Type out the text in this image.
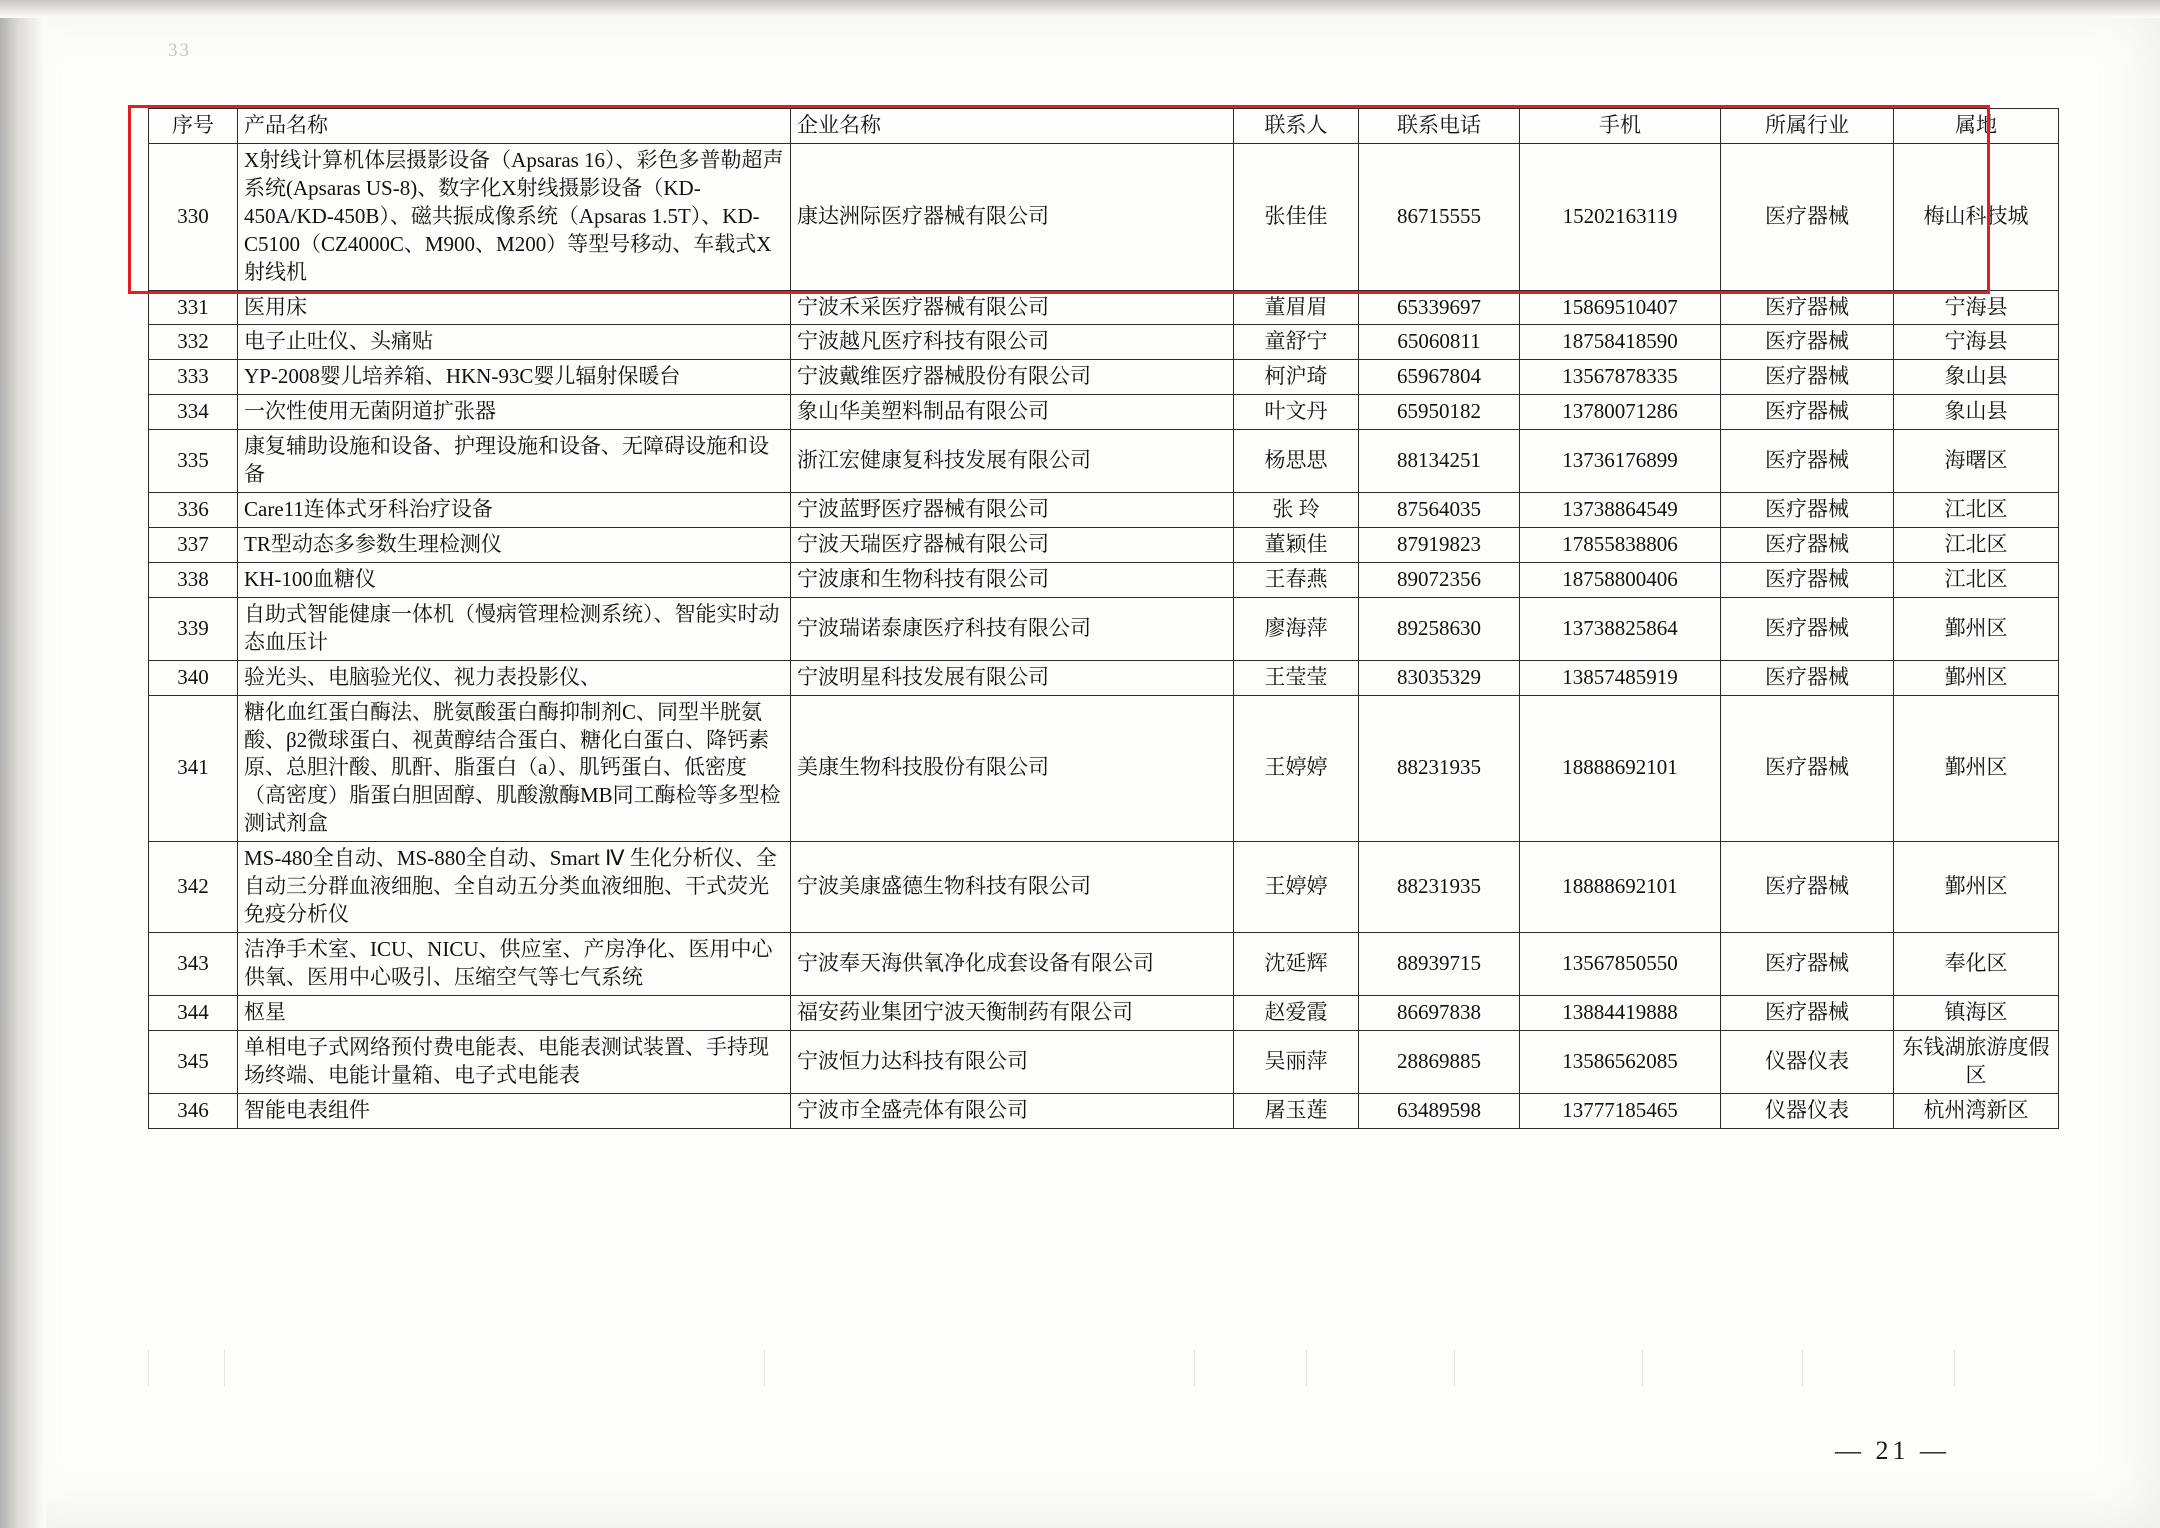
33
序号	产品名称	企业名称	联系人	联系电话	手机	所属行业	属地
330	X射线计算机体层摄影设备（Apsaras 16）、彩色多普勒超声系统(Apsaras US-8)、数字化X射线摄影设备（KD-450A/KD-450B）、磁共振成像系统（Apsaras 1.5T）、KD-C5100（CZ4000C、M900、M200）等型号移动、车载式X射线机	康达洲际医疗器械有限公司	张佳佳	86715555	15202163119	医疗器械	梅山科技城
331	医用床	宁波禾采医疗器械有限公司	董眉眉	65339697	15869510407	医疗器械	宁海县
332	电子止吐仪、头痛贴	宁波越凡医疗科技有限公司	童舒宁	65060811	18758418590	医疗器械	宁海县
333	YP-2008婴儿培养箱、HKN-93C婴儿辐射保暖台	宁波戴维医疗器械股份有限公司	柯沪琦	65967804	13567878335	医疗器械	象山县
334	一次性使用无菌阴道扩张器	象山华美塑料制品有限公司	叶文丹	65950182	13780071286	医疗器械	象山县
335	康复辅助设施和设备、护理设施和设备、无障碍设施和设备	浙江宏健康复科技发展有限公司	杨思思	88134251	13736176899	医疗器械	海曙区
336	Care11连体式牙科治疗设备	宁波蓝野医疗器械有限公司	张 玲	87564035	13738864549	医疗器械	江北区
337	TR型动态多参数生理检测仪	宁波天瑞医疗器械有限公司	董颖佳	87919823	17855838806	医疗器械	江北区
338	KH-100血糖仪	宁波康和生物科技有限公司	王春燕	89072356	18758800406	医疗器械	江北区
339	自助式智能健康一体机（慢病管理检测系统）、智能实时动态血压计	宁波瑞诺泰康医疗科技有限公司	廖海萍	89258630	13738825864	医疗器械	鄞州区
340	验光头、电脑验光仪、视力表投影仪、	宁波明星科技发展有限公司	王莹莹	83035329	13857485919	医疗器械	鄞州区
341	糖化血红蛋白酶法、胱氨酸蛋白酶抑制剂C、同型半胱氨酸、β2微球蛋白、视黄醇结合蛋白、糖化白蛋白、降钙素原、总胆汁酸、肌酐、脂蛋白（a）、肌钙蛋白、低密度（高密度）脂蛋白胆固醇、肌酸激酶MB同工酶检等多型检测试剂盒	美康生物科技股份有限公司	王婷婷	88231935	18888692101	医疗器械	鄞州区
342	MS-480全自动、MS-880全自动、Smart Ⅳ 生化分析仪、全自动三分群血液细胞、全自动五分类血液细胞、干式荧光免疫分析仪	宁波美康盛德生物科技有限公司	王婷婷	88231935	18888692101	医疗器械	鄞州区
343	洁净手术室、ICU、NICU、供应室、产房净化、医用中心供氧、医用中心吸引、压缩空气等七气系统	宁波奉天海供氧净化成套设备有限公司	沈延辉	88939715	13567850550	医疗器械	奉化区
344	枢星	福安药业集团宁波天衡制药有限公司	赵爱霞	86697838	13884419888	医疗器械	镇海区
345	单相电子式网络预付费电能表、电能表测试装置、手持现场终端、电能计量箱、电子式电能表	宁波恒力达科技有限公司	吴丽萍	28869885	13586562085	仪器仪表	东钱湖旅游度假区
346	智能电表组件	宁波市全盛壳体有限公司	屠玉莲	63489598	13777185465	仪器仪表	杭州湾新区
— 21 —
